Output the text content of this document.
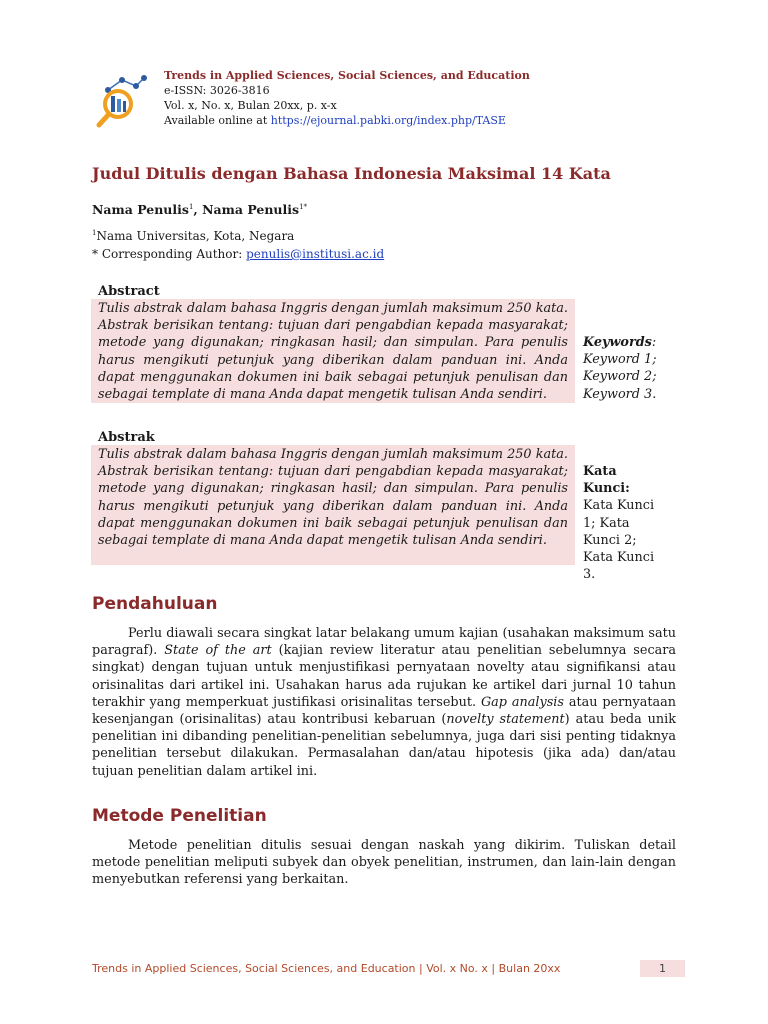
Trends in Applied Sciences, Social Sciences, and Education
e-ISSN: 3026-3816
Vol. x, No. x, Bulan 20xx, p. x-x
Available online at https://ejournal.pabki.org/index.php/TASE
Judul Ditulis dengan Bahasa Indonesia Maksimal 14 Kata
Nama Penulis$^1$, Nama Penulis$^{1*}$
$^1$Nama Universitas, Kota, Negara
* Corresponding Author: penulis@institusi.ac.id
Abstract
Tulis abstrak dalam bahasa Inggris dengan jumlah maksimum 250 kata. Abstrak berisikan tentang: tujuan dari pengabdian kepada masyarakat; metode yang digunakan; ringkasan hasil; dan simpulan. Para penulis harus mengikuti petunjuk yang diberikan dalam panduan ini. Anda dapat menggunakan dokumen ini baik sebagai petunjuk penulisan dan sebagai template di mana Anda dapat mengetik tulisan Anda sendiri.
Keywords: Keyword 1; Keyword 2; Keyword 3.
Abstrak
Tulis abstrak dalam bahasa Inggris dengan jumlah maksimum 250 kata. Abstrak berisikan tentang: tujuan dari pengabdian kepada masyarakat; metode yang digunakan; ringkasan hasil; dan simpulan. Para penulis harus mengikuti petunjuk yang diberikan dalam panduan ini. Anda dapat menggunakan dokumen ini baik sebagai petunjuk penulisan dan sebagai template di mana Anda dapat mengetik tulisan Anda sendiri.
Kata Kunci:
Kata Kunci 1; Kata Kunci 2; Kata Kunci 3.
Pendahuluan
Perlu diawali secara singkat latar belakang umum kajian (usahakan maksimum satu paragraf). State of the art (kajian review literatur atau penelitian sebelumnya secara singkat) dengan tujuan untuk menjustifikasi pernyataan novelty atau signifikansi atau orisinalitas dari artikel ini. Usahakan harus ada rujukan ke artikel dari jurnal 10 tahun terakhir yang memperkuat justifikasi orisinalitas tersebut. Gap analysis atau pernyataan kesenjangan (orisinalitas) atau kontribusi kebaruan (novelty statement) atau beda unik penelitian ini dibanding penelitian-penelitian sebelumnya, juga dari sisi penting tidaknya penelitian tersebut dilakukan. Permasalahan dan/atau hipotesis (jika ada) dan/atau tujuan penelitian dalam artikel ini.
Metode Penelitian
Metode penelitian ditulis sesuai dengan naskah yang dikirim. Tuliskan detail metode penelitian meliputi subyek dan obyek penelitian, instrumen, dan lain-lain dengan menyebutkan referensi yang berkaitan.
Trends in Applied Sciences, Social Sciences, and Education | Vol. x No. x | Bulan 20xx	1
